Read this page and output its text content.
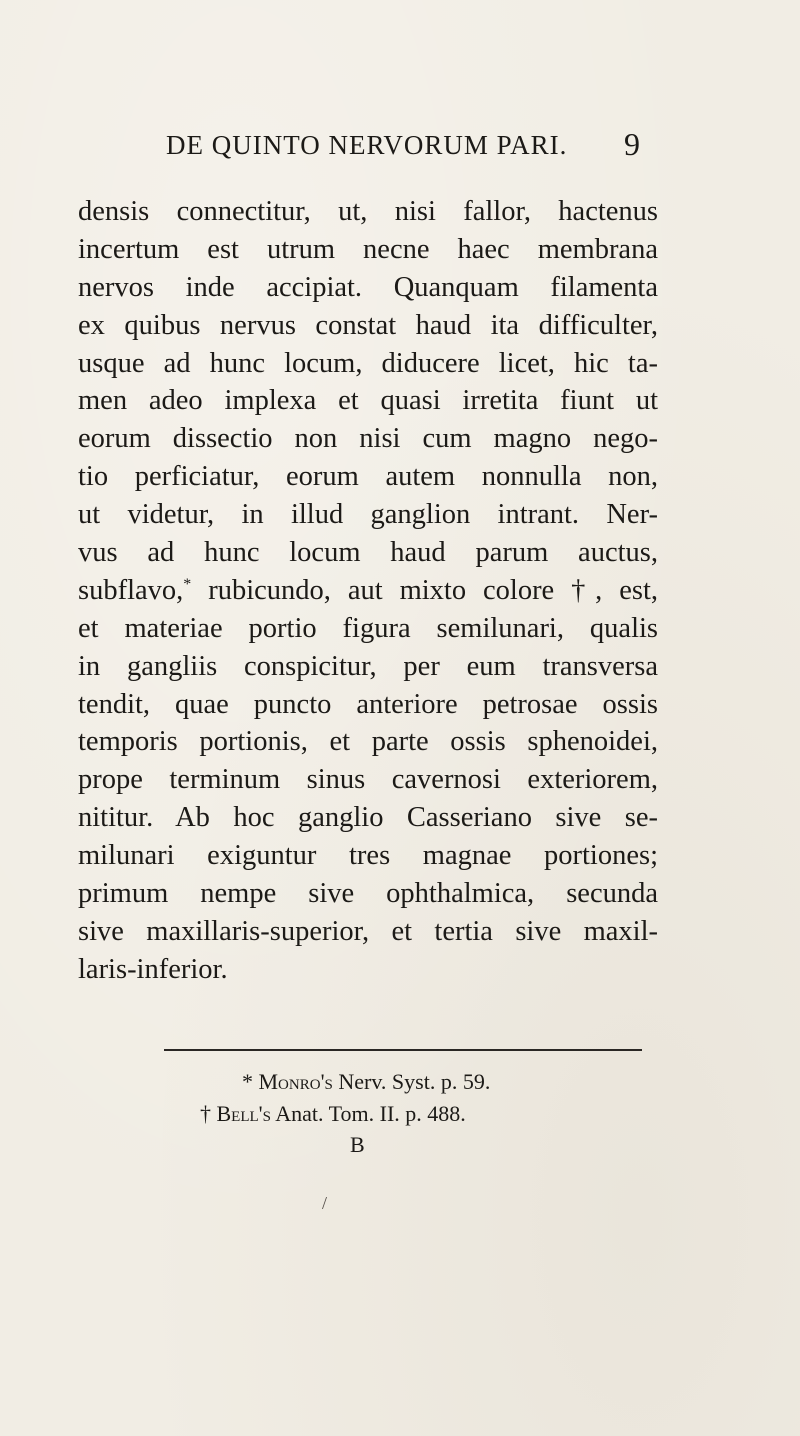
DE QUINTO NERVORUM PARI. 9
densis connectitur, ut, nisi fallor, hactenus
incertum est utrum necne haec membrana
nervos inde accipiat. Quanquam filamenta
ex quibus nervus constat haud ita difficulter,
usque ad hunc locum, diducere licet, hic ta-
men adeo implexa et quasi irretita fiunt ut
eorum dissectio non nisi cum magno nego-
tio perficiatur, eorum autem nonnulla non,
ut videtur, in illud ganglion intrant. Ner-
vus ad hunc locum haud parum auctus,
subflavo,* rubicundo, aut mixto colore †, est,
et materiae portio figura semilunari, qualis
in gangliis conspicitur, per eum transversa
tendit, quae puncto anteriore petrosae ossis
temporis portionis, et parte ossis sphenoidei,
prope terminum sinus cavernosi exteriorem,
nititur. Ab hoc ganglio Casseriano sive se-
milunari exiguntur tres magnae portiones;
primum nempe sive ophthalmica, secunda
sive maxillaris-superior, et tertia sive maxil-
laris-inferior.
* Monro's Nerv. Syst. p. 59.
† Bell's Anat. Tom. II. p. 488.
B
/
